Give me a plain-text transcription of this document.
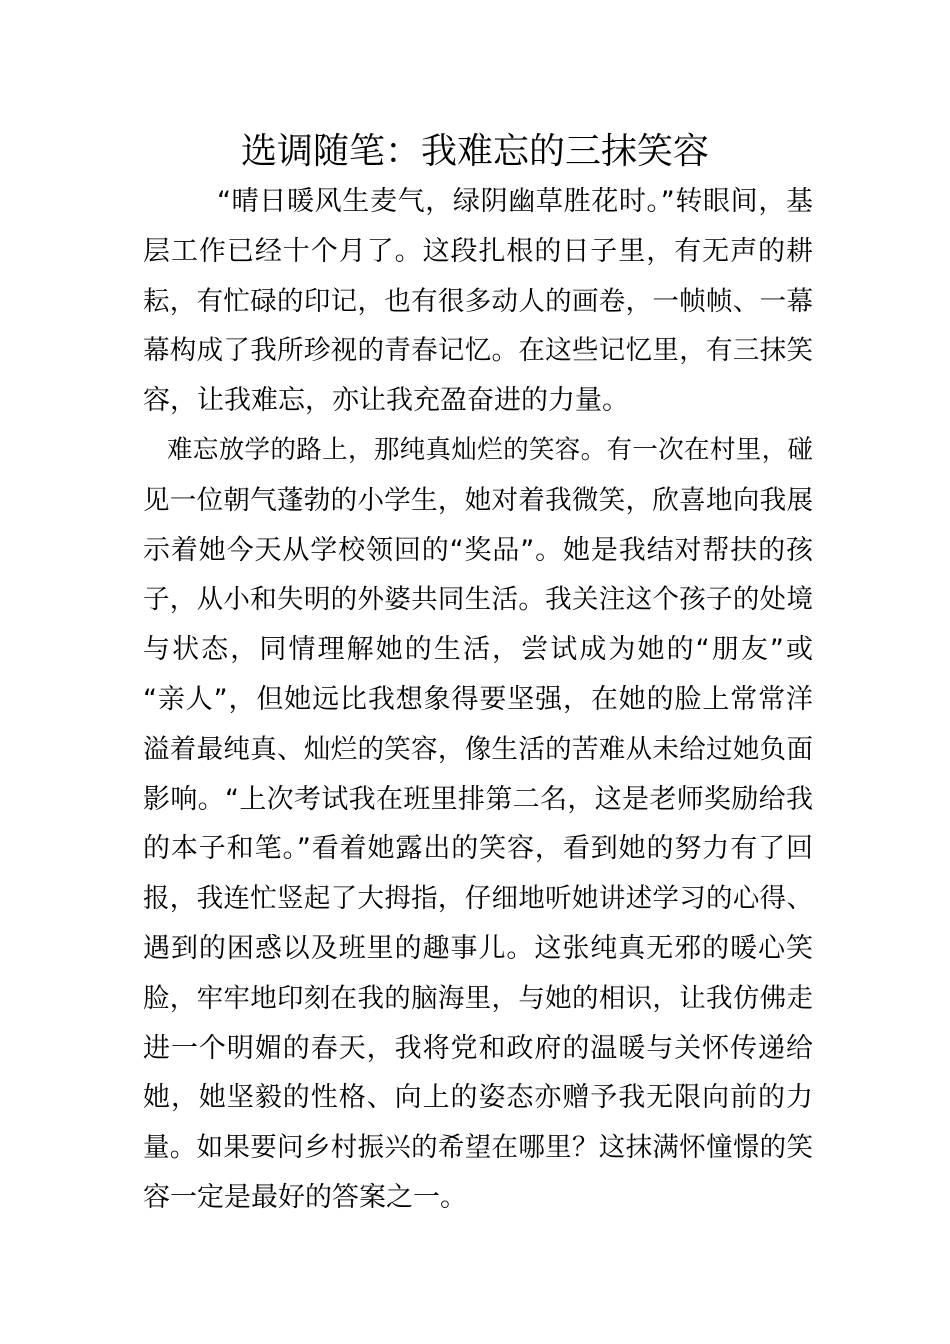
选调随笔：我难忘的三抹笑容
“晴日暖风生麦气，绿阴幽草胜花时。”转眼间，基
层工作已经十个月了。这段扎根的日子里，有无声的耕
耘，有忙碌的印记，也有很多动人的画卷，一帧帧、一幕
幕构成了我所珍视的青春记忆。在这些记忆里，有三抹笑
容，让我难忘，亦让我充盈奋进的力量。
难忘放学的路上，那纯真灿烂的笑容。有一次在村里，碰
见一位朝气蓬勃的小学生，她对着我微笑，欣喜地向我展
示着她今天从学校领回的“奖品”。她是我结对帮扶的孩
子，从小和失明的外婆共同生活。我关注这个孩子的处境
与状态，同情理解她的生活，尝试成为她的“朋友”或
“亲人”，但她远比我想象得要坚强，在她的脸上常常洋
溢着最纯真、灿烂的笑容，像生活的苦难从未给过她负面
影响。“上次考试我在班里排第二名，这是老师奖励给我
的本子和笔。”看着她露出的笑容，看到她的努力有了回
报，我连忙竖起了大拇指，仔细地听她讲述学习的心得、
遇到的困惑以及班里的趣事儿。这张纯真无邪的暖心笑
脸，牢牢地印刻在我的脑海里，与她的相识，让我仿佛走
进一个明媚的春天，我将党和政府的温暖与关怀传递给
她，她坚毅的性格、向上的姿态亦赠予我无限向前的力
量。如果要问乡村振兴的希望在哪里？这抹满怀憧憬的笑
容一定是最好的答案之一。
